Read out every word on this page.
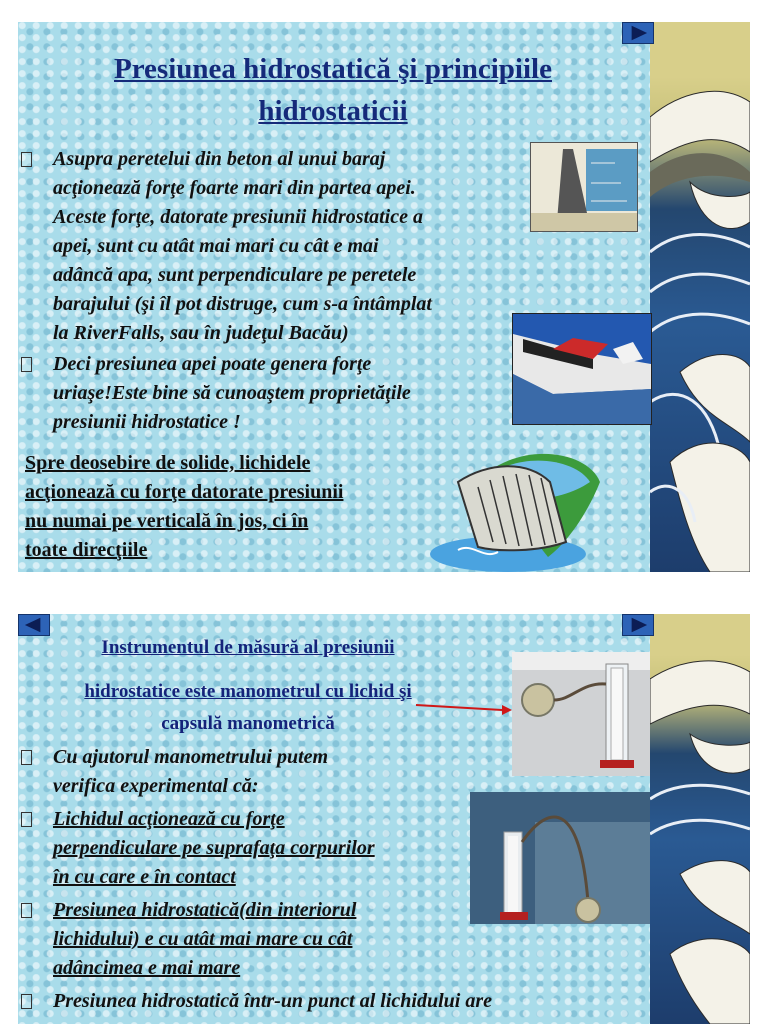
Presiunea hidrostatică şi principiile
hidrostaticii
Asupra peretelui din beton al unui baraj
acţionează forţe foarte mari din partea apei.
Aceste forţe, datorate presiunii hidrostatice a
apei, sunt cu atât mai mari cu cât e mai
adâncă apa, sunt perpendiculare pe peretele
barajului (şi îl pot distruge, cum s-a întâmplat
la RiverFalls, sau în judeţul Bacău)
Deci presiunea apei poate genera forţe
uriaşe!Este bine să cunoaştem proprietăţile
presiunii hidrostatice !

Spre deosebire de solide, lichidele
acţionează cu forţe datorate presiunii
nu numai pe verticală în jos, ci în
toate direcţiile

Instrumentul de măsură al presiunii

hidrostatice este manometrul cu lichid şi

capsulă manometrică

Cu ajutorul manometrului putem
verifica experimental că:
Lichidul acţionează cu forţe
perpendiculare pe suprafaţa corpurilor
în cu care e în contact
Presiunea hidrostatică(din interiorul
lichidului) e cu atât mai mare cu cât
adâncimea e mai mare
Presiunea hidrostatică într-un punct al lichidului are
